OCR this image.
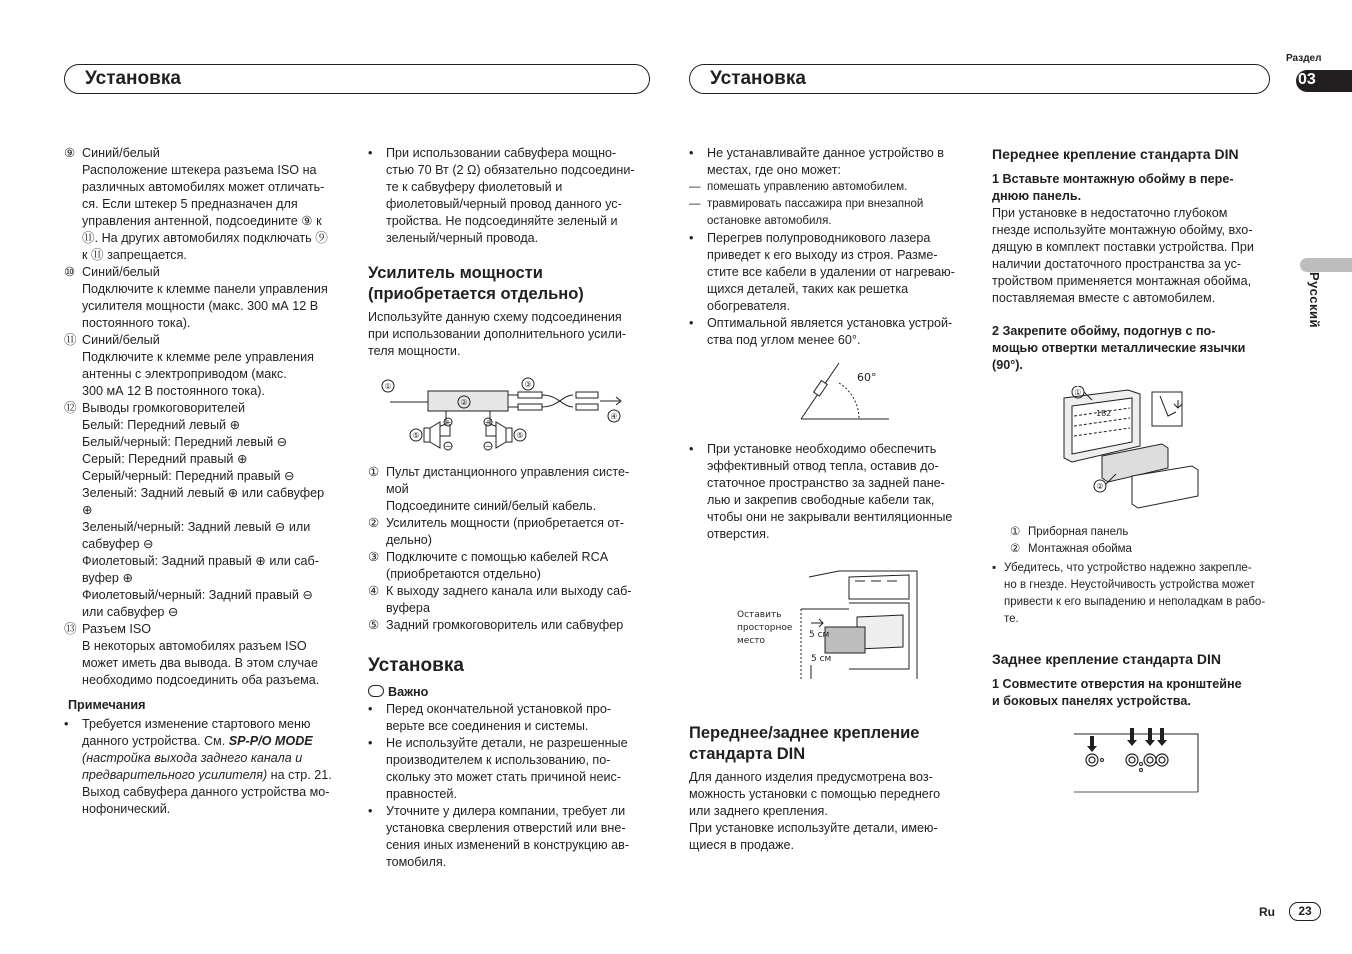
Установка	Установка
Раздел
03
Русский
Ru	23
⑨ Синий/белый
Расположение штекера разъема ISO на
различных автомобилях может отличать-
ся. Если штекер 5 предназначен для
управления антенной, подсоедините ⑨ к
⑪. На других автомобилях подключать ⑨
к ⑪ запрещается.
⑩ Синий/белый
Подключите к клемме панели управления
усилителя мощности (макс. 300 мА 12 В
постоянного тока).
⑪ Синий/белый
Подключите к клемме реле управления
антенны с электроприводом (макс.
300 мА 12 В постоянного тока).
⑫ Выводы громкоговорителей
Белый: Передний левый ⊕
Белый/черный: Передний левый ⊖
Серый: Передний правый ⊕
Серый/черный: Передний правый ⊖
Зеленый: Задний левый ⊕ или сабвуфер
⊕
Зеленый/черный: Задний левый ⊖ или
сабвуфер ⊖
Фиолетовый: Задний правый ⊕ или саб-
вуфер ⊕
Фиолетовый/черный: Задний правый ⊖
или сабвуфер ⊖
⑬ Разъем ISO
В некоторых автомобилях разъем ISO
может иметь два вывода. В этом случае
необходимо подсоединить оба разъема.

Примечания

• Требуется изменение стартового меню
данного устройства. См. SP-P/O MODE
(настройка выхода заднего канала и
предварительного усилителя) на стр. 21.
Выход сабвуфера данного устройства мо-
нофонический.
• При использовании сабвуфера мощно-
стью 70 Вт (2 Ω) обязательно подсоедини-
те к сабвуферу фиолетовый и
фиолетовый/черный провод данного ус-
тройства. Не подсоединяйте зеленый и
зеленый/черный провода.
Усилитель мощности
(приобретается отдельно)

Используйте данную схему подсоединения
при использовании дополнительного усили-
теля мощности.

①
②
③
④
⑤	⑤
+	+
−	−
① Пульт дистанционного управления систе-
мой
Подсоедините синий/белый кабель.
② Усилитель мощности (приобретается от-
дельно)
③ Подключите с помощью кабелей RCA
(приобретаются отдельно)
④ К выходу заднего канала или выходу саб-
вуфера
⑤ Задний громкоговоритель или сабвуфер
Установка
Важно
• Перед окончательной установкой про-
верьте все соединения и системы.
• Не используйте детали, не разрешенные
производителем к использованию, по-
скольку это может стать причиной неис-
правностей.
• Уточните у дилера компании, требует ли
установка сверления отверстий или вне-
сения иных изменений в конструкцию ав-
томобиля.
• Не устанавливайте данное устройство в
местах, где оно может:
— помешать управлению автомобилем.
— травмировать пассажира при внезапной
остановке автомобиля.
• Перегрев полупроводникового лазера
приведет к его выходу из строя. Разме-
стите все кабели в удалении от нагреваю-
щихся деталей, таких как решетка
обогревателя.
• Оптимальной является установка устрой-
ства под углом менее 60°.
60°
• При установке необходимо обеспечить
эффективный отвод тепла, оставив до-
статочное пространство за задней пане-
лью и закрепив свободные кабели так,
чтобы они не закрывали вентиляционные
отверстия.
Оставить
просторное
место
5 см
5 см
Переднее/заднее крепление
стандарта DIN

Для данного изделия предусмотрена воз-
можность установки с помощью переднего
или заднего крепления.
При установке используйте детали, имею-
щиеся в продаже.

Переднее крепление стандарта DIN

1 Вставьте монтажную обойму в пере-
днюю панель.

При установке в недостаточно глубоком
гнезде используйте монтажную обойму, вхо-
дящую в комплект поставки устройства. При
наличии достаточного пространства за ус-
тройством применяется монтажная обойма,
поставляемая вместе с автомобилем.

2 Закрепите обойму, подогнув с по-
мощью отвертки металлические язычки
(90°).

182
①
②
① Приборная панель
② Монтажная обойма
▪ Убедитесь, что устройство надежно закрепле-
но в гнезде. Неустойчивость устройства может
привести к его выпадению и неполадкам в рабо-
те.
Заднее крепление стандарта DIN

1 Совместите отверстия на кронштейне
и боковых панелях устройства.
